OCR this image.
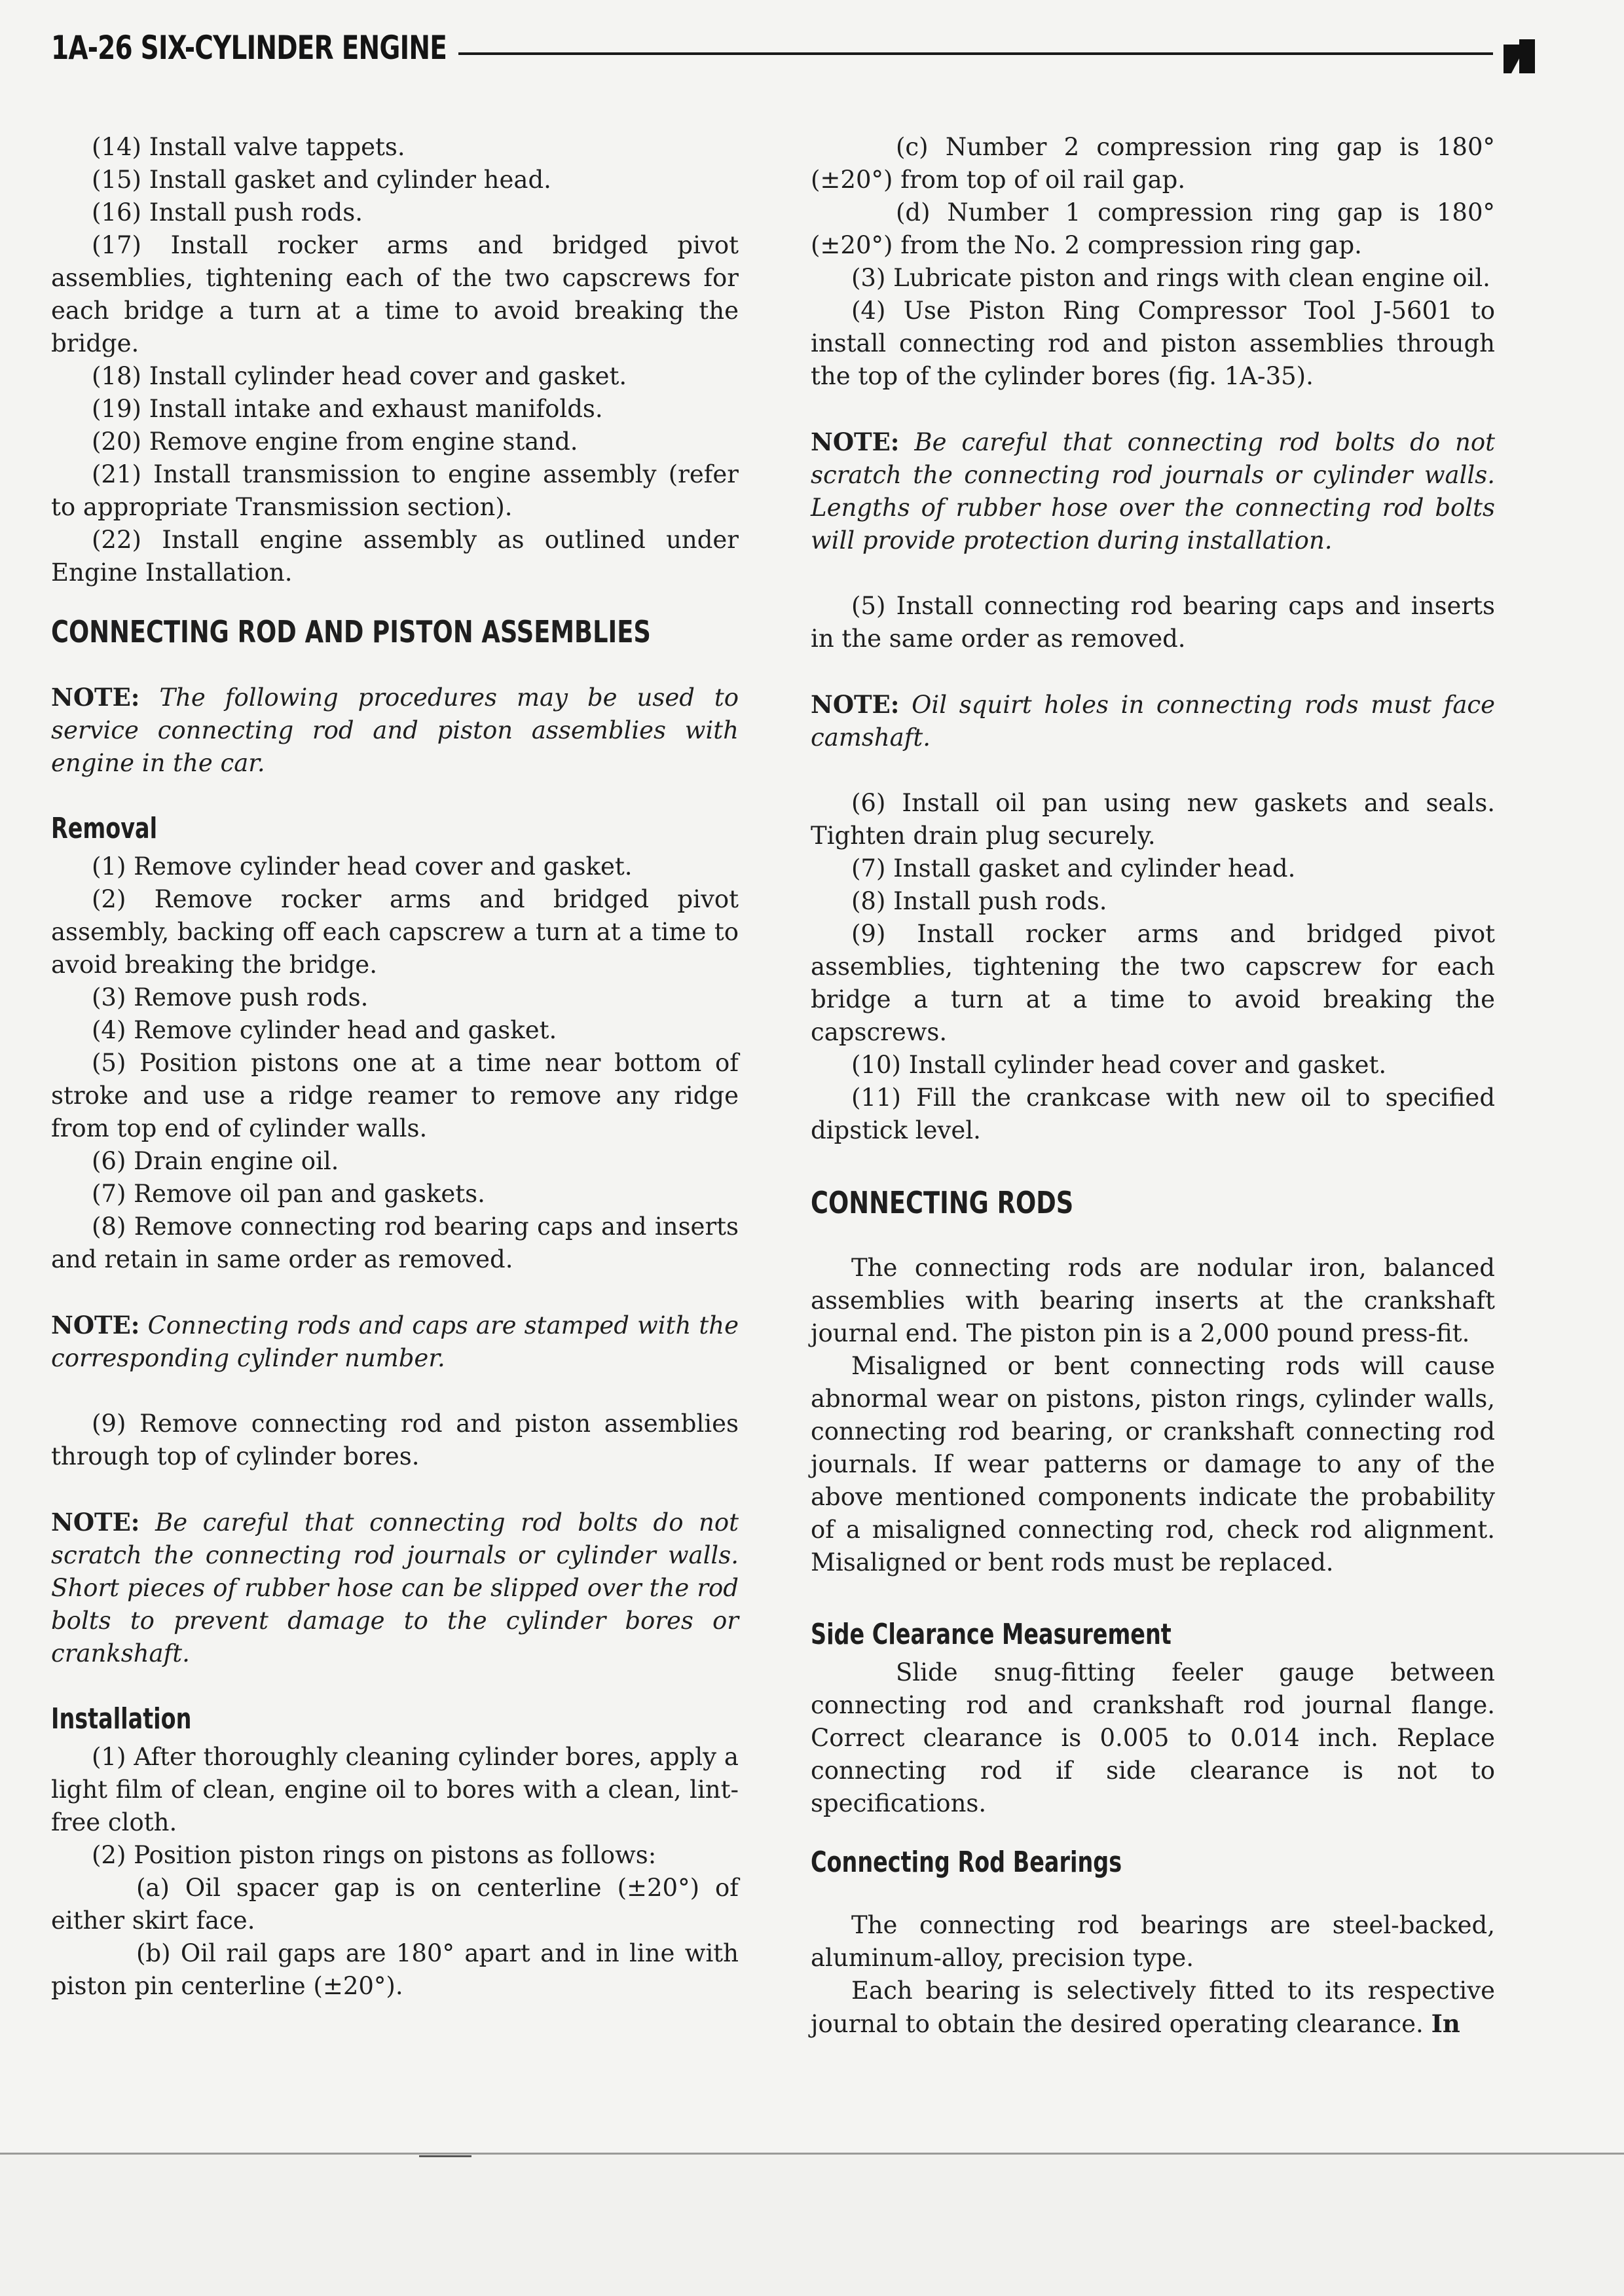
1A-26 SIX-CYLINDER ENGINE

(14) Install valve tappets.

(15) Install gasket and cylinder head.

(16) Install push rods.

(17) Install rocker arms and bridged pivot assemblies, tightening each of the two capscrews for each bridge a turn at a time to avoid breaking the bridge.

(18) Install cylinder head cover and gasket.

(19) Install intake and exhaust manifolds.

(20) Remove engine from engine stand.

(21) Install transmission to engine assembly (refer to appropriate Transmission section).

(22) Install engine assembly as outlined under Engine Installation.

CONNECTING ROD AND PISTON ASSEMBLIES

NOTE: The following procedures may be used to service connecting rod and piston assemblies with engine in the car.

Removal

(1) Remove cylinder head cover and gasket.

(2) Remove rocker arms and bridged pivot assembly, backing off each capscrew a turn at a time to avoid breaking the bridge.

(3) Remove push rods.

(4) Remove cylinder head and gasket.

(5) Position pistons one at a time near bottom of stroke and use a ridge reamer to remove any ridge from top end of cylinder walls.

(6) Drain engine oil.

(7) Remove oil pan and gaskets.

(8) Remove connecting rod bearing caps and inserts and retain in same order as removed.

NOTE: Connecting rods and caps are stamped with the corresponding cylinder number.

(9) Remove connecting rod and piston assemblies through top of cylinder bores.

NOTE: Be careful that connecting rod bolts do not scratch the connecting rod journals or cylinder walls. Short pieces of rubber hose can be slipped over the rod bolts to prevent damage to the cylinder bores or crankshaft.

Installation

(1) After thoroughly cleaning cylinder bores, apply a light film of clean, engine oil to bores with a clean, lint-free cloth.

(2) Position piston rings on pistons as follows:

(a) Oil spacer gap is on centerline (±20°) of either skirt face.

(b) Oil rail gaps are 180° apart and in line with piston pin centerline (±20°).

(c) Number 2 compression ring gap is 180° (±20°) from top of oil rail gap.

(d) Number 1 compression ring gap is 180° (±20°) from the No. 2 compression ring gap.

(3) Lubricate piston and rings with clean engine oil.

(4) Use Piston Ring Compressor Tool J-5601 to install connecting rod and piston assemblies through the top of the cylinder bores (fig. 1A-35).

NOTE: Be careful that connecting rod bolts do not scratch the connecting rod journals or cylinder walls. Lengths of rubber hose over the connecting rod bolts will provide protection during installation.

(5) Install connecting rod bearing caps and inserts in the same order as removed.

NOTE: Oil squirt holes in connecting rods must face camshaft.

(6) Install oil pan using new gaskets and seals. Tighten drain plug securely.

(7) Install gasket and cylinder head.

(8) Install push rods.

(9) Install rocker arms and bridged pivot assemblies, tightening the two capscrew for each bridge a turn at a time to avoid breaking the capscrews.

(10) Install cylinder head cover and gasket.

(11) Fill the crankcase with new oil to specified dipstick level.

CONNECTING RODS

The connecting rods are nodular iron, balanced assemblies with bearing inserts at the crankshaft journal end. The piston pin is a 2,000 pound press-fit.

Misaligned or bent connecting rods will cause abnormal wear on pistons, piston rings, cylinder walls, connecting rod bearing, or crankshaft connecting rod journals. If wear patterns or damage to any of the above mentioned components indicate the probability of a misaligned connecting rod, check rod alignment. Misaligned or bent rods must be replaced.

Side Clearance Measurement

Slide snug-fitting feeler gauge between connecting rod and crankshaft rod journal flange. Correct clearance is 0.005 to 0.014 inch. Replace connecting rod if side clearance is not to specifications.

Connecting Rod Bearings

The connecting rod bearings are steel-backed, aluminum-alloy, precision type.

Each bearing is selectively fitted to its respective journal to obtain the desired operating clearance. In
